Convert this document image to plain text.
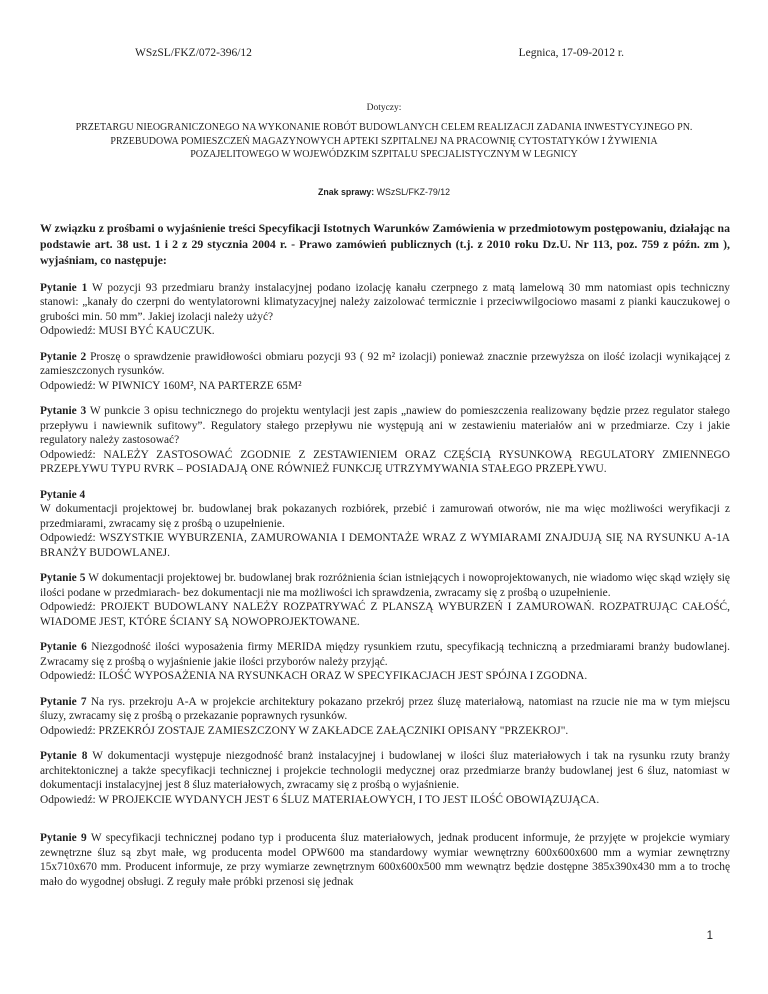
WSzSL/FKZ/072-396/12	Legnica, 17-09-2012 r.
Dotyczy:
PRZETARGU NIEOGRANICZONEGO NA WYKONANIE ROBÓT BUDOWLANYCH CELEM REALIZACJI ZADANIA INWESTYCYJNEGO PN. PRZEBUDOWA POMIESZCZEŃ MAGAZYNOWYCH APTEKI SZPITALNEJ NA PRACOWNIĘ CYTOSTATYKÓW I ŻYWIENIA POZAJELITOWEGO W WOJEWÓDZKIM SZPITALU SPECJALISTYCZNYM W LEGNICY
Znak sprawy: WSzSL/FKZ-79/12
W związku z prośbami o wyjaśnienie treści Specyfikacji Istotnych Warunków Zamówienia w przedmiotowym postępowaniu, działając na podstawie art. 38 ust. 1 i 2 z 29 stycznia 2004 r. - Prawo zamówień publicznych (t.j. z 2010 roku Dz.U. Nr 113, poz. 759 z późn. zm ), wyjaśniam, co następuje:
Pytanie 1 W pozycji 93 przedmiaru branży instalacyjnej podano izolację kanału czerpnego z matą lamelową 30 mm natomiast opis techniczny stanowi: „kanały do czerpni do wentylatorowni klimatyzacyjnej należy zaizolować termicznie i przeciwwilgociowo masami z pianki kauczukowej o grubości min. 50 mm”. Jakiej izolacji należy użyć?
Odpowiedź: MUSI BYĆ KAUCZUK.
Pytanie 2 Proszę o sprawdzenie prawidłowości obmiaru pozycji 93 ( 92 m² izolacji) ponieważ znacznie przewyższa on ilość izolacji wynikającej z zamieszczonych rysunków.
Odpowiedź: W PIWNICY 160M², NA PARTERZE 65M²
Pytanie 3 W punkcie 3 opisu technicznego do projektu wentylacji jest zapis „nawiew do pomieszczenia realizowany będzie przez regulator stałego przepływu i nawiewnik sufitowy”. Regulatory stałego przepływu nie występują ani w zestawieniu materiałów ani w przedmiarze. Czy i jakie regulatory należy zastosować?
Odpowiedź: NALEŻY ZASTOSOWAĆ ZGODNIE Z ZESTAWIENIEM ORAZ CZĘŚCIĄ RYSUNKOWĄ REGULATORY ZMIENNEGO PRZEPŁYWU TYPU RVRK – POSIADAJĄ ONE RÓWNIEŻ FUNKCJĘ UTRZYMYWANIA STAŁEGO PRZEPŁYWU.
Pytanie 4
W dokumentacji projektowej br. budowlanej brak pokazanych rozbiórek, przebić i zamurowań otworów, nie ma więc możliwości weryfikacji z przedmiarami, zwracamy się z prośbą o uzupełnienie.
Odpowiedź: WSZYSTKIE WYBURZENIA, ZAMUROWANIA I DEMONTAŻE WRAZ Z WYMIARAMI ZNAJDUJĄ SIĘ NA RYSUNKU A-1A BRANŻY BUDOWLANEJ.
Pytanie 5 W dokumentacji projektowej br. budowlanej brak rozróżnienia ścian istniejących i nowoprojektowanych, nie wiadomo więc skąd wzięły się ilości podane w przedmiarach- bez dokumentacji nie ma możliwości ich sprawdzenia, zwracamy się z prośbą o uzupełnienie.
Odpowiedź: PROJEKT BUDOWLANY NALEŻY ROZPATRYWAĆ Z PLANSZĄ WYBURZEŃ I ZAMUROWAŃ. ROZPATRUJĄC CAŁOŚĆ, WIADOME JEST, KTÓRE ŚCIANY SĄ NOWOPROJEKTOWANE.
Pytanie 6 Niezgodność ilości wyposażenia firmy MERIDA między rysunkiem rzutu, specyfikacją techniczną a przedmiarami branży budowlanej. Zwracamy się z prośbą o wyjaśnienie jakie ilości przyborów należy przyjąć.
Odpowiedź: ILOŚĆ WYPOSAŻENIA NA RYSUNKACH ORAZ W SPECYFIKACJACH JEST SPÓJNA I ZGODNA.
Pytanie 7 Na rys. przekroju A-A w projekcie architektury pokazano przekrój przez śluzę materiałową, natomiast na rzucie nie ma w tym miejscu śluzy, zwracamy się z prośbą o przekazanie poprawnych rysunków.
Odpowiedź: PRZEKRÓJ ZOSTAJE ZAMIESZCZONY W ZAKŁADCE ZAŁĄCZNIKI OPISANY "PRZEKROJ".
Pytanie 8 W dokumentacji występuje niezgodność branż instalacyjnej i budowlanej w ilości śluz materiałowych i tak na rysunku rzuty branży architektonicznej a także specyfikacji technicznej i projekcie technologii medycznej oraz przedmiarze branży budowlanej jest 6 śluz, natomiast w dokumentacji instalacyjnej jest 8 śluz materiałowych, zwracamy się z prośbą o wyjaśnienie.
Odpowiedź: W PROJEKCIE WYDANYCH JEST 6 ŚLUZ MATERIAŁOWYCH, I TO JEST ILOŚĆ OBOWIĄZUJĄCA.
Pytanie 9 W specyfikacji technicznej podano typ i producenta śluz materiałowych, jednak producent informuje, że przyjęte w projekcie wymiary zewnętrzne śluz są zbyt małe, wg producenta model OPW600 ma standardowy wymiar wewnętrzny 600x600x600 mm a wymiar zewnętrzny 15x710x670 mm. Producent informuje, ze przy wymiarze zewnętrznym 600x600x500 mm wewnątrz będzie dostępne 385x390x430 mm a to trochę mało do wygodnej obsługi. Z reguły małe próbki przenosi się jednak
1
